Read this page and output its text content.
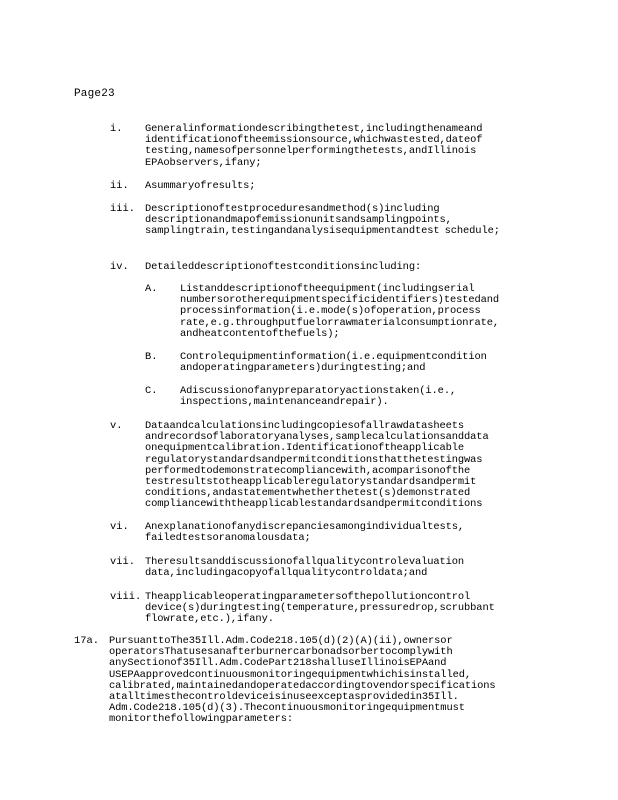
Page23
i. Generalinformationdescribingthetest,includingthenameand identificationoftheemissionsource,whichwastested,dateof testing,namesofpersonnelperformingthetests,andIllinois EPAobservers,ifany;
ii. Asummaryofresults;
iii. Descriptionoftestproceduresandmethod(s)including descriptionandmapofemissionunitsandsamplingpoints, samplingtrain,testingandanalysisequipmentandtest schedule;
iv. Detaileddescriptionoftestconditionsincluding:
A. Listanddescriptionoftheequipment(includingserial numbersorotherequipmentspecificidentifiers)testedand processinformation(i.e.mode(s)ofoperation,process rate,e.g.throughputfuelorrawmaterialconsumptionrate, andheatcontentofthefuels);
B. Controlequipmentinformation(i.e.equipmentcondition andoperatingparameters)duringtesting;and
C. Adiscussionofanypreparatoryactionstaken(i.e., inspections,maintenanceandrepair).
v. Dataandcalculationsincludingcopiesofallrawdatasheets andrecordsoflaboratoryanalyses,samplecalculationsanddata onequipmentcalibration.Identificationoftheapplicable regulatorystandardsandpermitconditionsthatthetestingwas performedtodemonstratecompliancewith,acomparisonofthe testresultstotheapplicableregulatorystandardsandpermit conditions,andastatementwhetherthetest(s)demonstrated compliancewiththeapplicablestandardsandpermitconditions
vi. Anexplanationofanydiscrepanciesamongindividualtests, failedtestsoranomalousdata;
vii. Theresultsanddiscussionofallqualitycontrolevaluation data,includingacopyofallqualitycontroldata;and
viii. Theapplicableoperatingparametersofthepollutioncontrol device(s)duringtesting(temperature,pressuredrop,scrubbant flowrate,etc.),ifany.
17a. PursuanttoThe35Ill.Adm.Code218.105(d)(2)(A)(ii),ownersor operatorsThatusesanafterburnercarbonadsorbertocomplywith anySectionof35Ill.Adm.CodePart218shalluseIllinoisEPAand USEPAapprovedcontinuousmonitoringequipmentwhichisinstalled, calibrated,maintainedandoperatedaccordingtovendorspecifications atalltimesthecontroldeviceisinuseexceptasprovidedin35Ill. Adm.Code218.105(d)(3).Thecontinuousmonitoringequipmentmust monitorthefollowingparameters:
